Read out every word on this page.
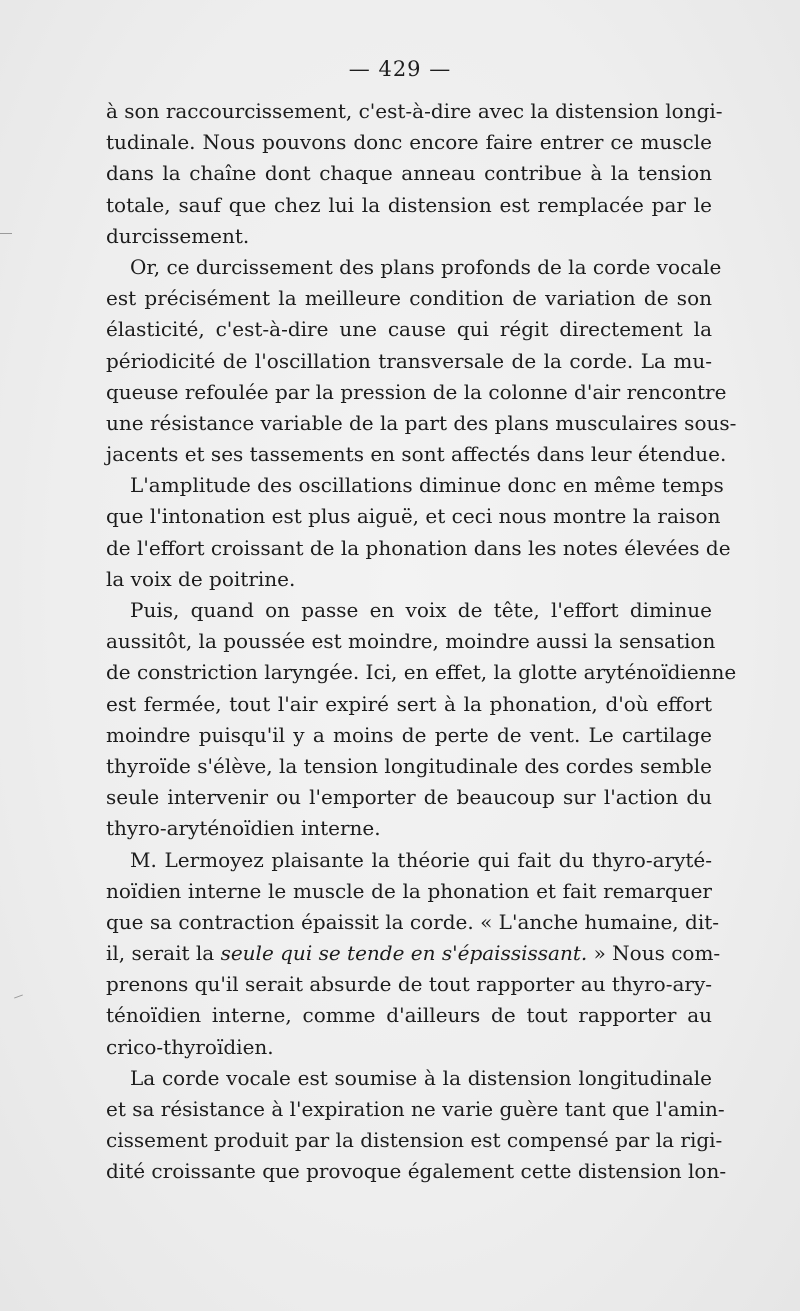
— 429 —
à son raccourcissement, c'est-à-dire avec la distension longi-
tudinale. Nous pouvons donc encore faire entrer ce muscle
dans la chaîne dont chaque anneau contribue à la tension
totale, sauf que chez lui la distension est remplacée par le
durcissement.
Or, ce durcissement des plans profonds de la corde vocale
est précisément la meilleure condition de variation de son
élasticité, c'est-à-dire une cause qui régit directement la
périodicité de l'oscillation transversale de la corde. La mu-
queuse refoulée par la pression de la colonne d'air rencontre
une résistance variable de la part des plans musculaires sous-
jacents et ses tassements en sont affectés dans leur étendue.
L'amplitude des oscillations diminue donc en même temps
que l'intonation est plus aiguë, et ceci nous montre la raison
de l'effort croissant de la phonation dans les notes élevées de
la voix de poitrine.
Puis, quand on passe en voix de tête, l'effort diminue
aussitôt, la poussée est moindre, moindre aussi la sensation
de constriction laryngée. Ici, en effet, la glotte aryténoïdienne
est fermée, tout l'air expiré sert à la phonation, d'où effort
moindre puisqu'il y a moins de perte de vent. Le cartilage
thyroïde s'élève, la tension longitudinale des cordes semble
seule intervenir ou l'emporter de beaucoup sur l'action du
thyro-aryténoïdien interne.
M. Lermoyez plaisante la théorie qui fait du thyro-aryté-
noïdien interne le muscle de la phonation et fait remarquer
que sa contraction épaissit la corde. « L'anche humaine, dit-
il, serait la seule qui se tende en s'épaississant. » Nous com-
prenons qu'il serait absurde de tout rapporter au thyro-ary-
ténoïdien interne, comme d'ailleurs de tout rapporter au
crico-thyroïdien.
La corde vocale est soumise à la distension longitudinale
et sa résistance à l'expiration ne varie guère tant que l'amin-
cissement produit par la distension est compensé par la rigi-
dité croissante que provoque également cette distension lon-
